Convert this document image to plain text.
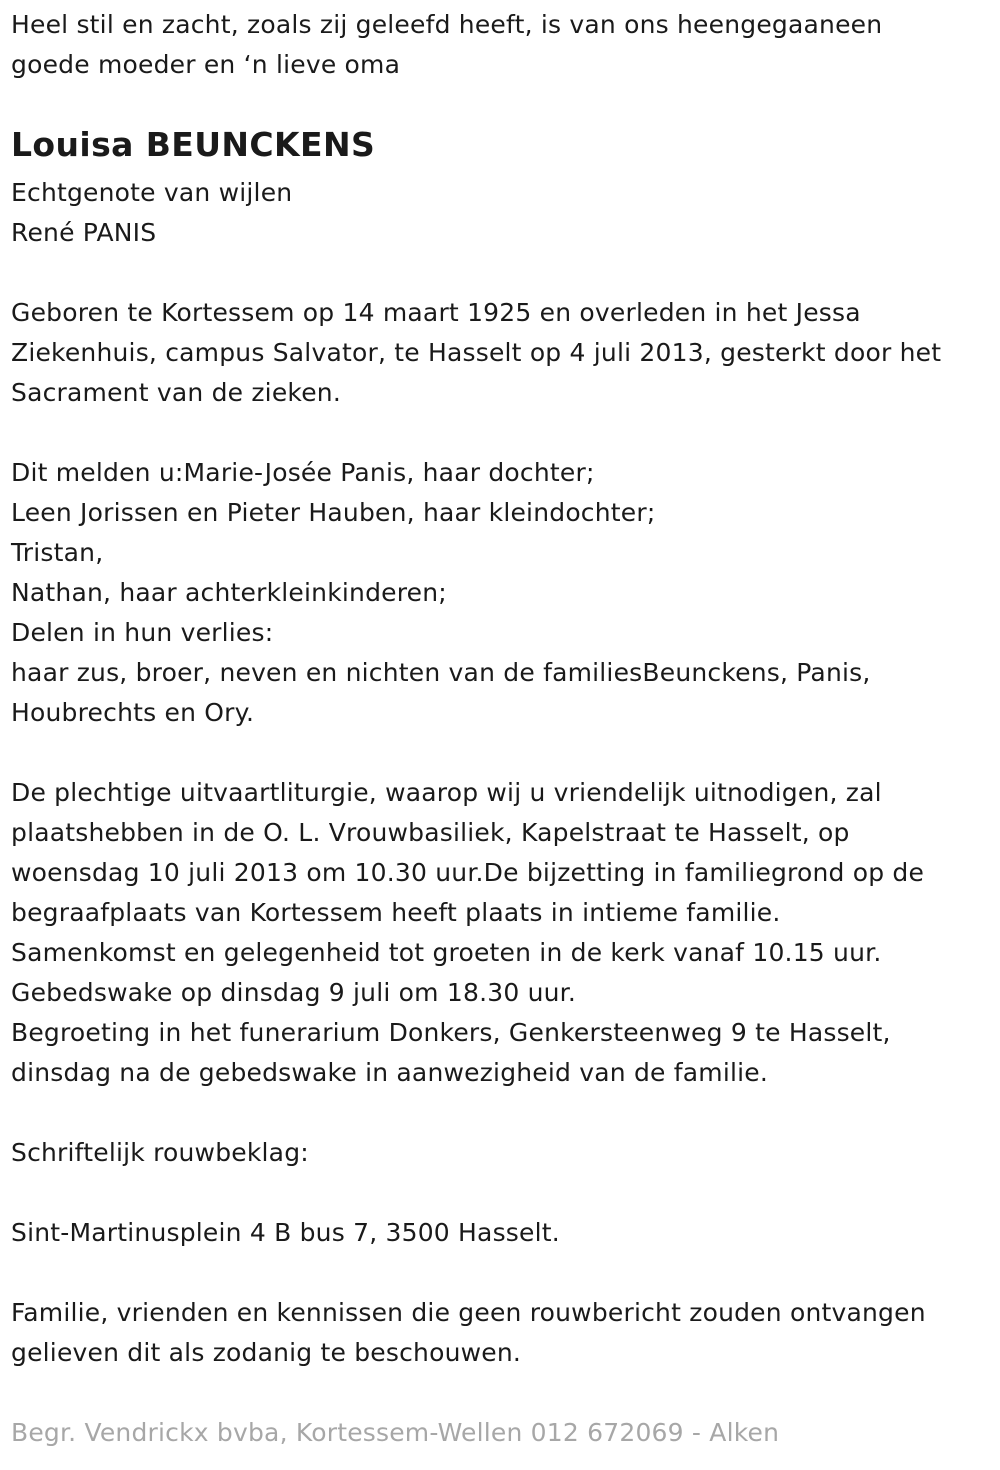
Heel stil en zacht, zoals zij geleefd heeft, is van ons heengegaaneen
goede moeder en ‘n lieve oma
Louisa BEUNCKENS
Echtgenote van wijlen
René PANIS
Geboren te Kortessem op 14 maart 1925 en overleden in het Jessa
Ziekenhuis, campus Salvator, te Hasselt op 4 juli 2013, gesterkt door het
Sacrament van de zieken.
Dit melden u:Marie-Josée Panis, haar dochter;
Leen Jorissen en Pieter Hauben, haar kleindochter;
Tristan,
Nathan, haar achterkleinkinderen;
Delen in hun verlies:
haar zus, broer, neven en nichten van de familiesBeunckens, Panis,
Houbrechts en Ory.
De plechtige uitvaartliturgie, waarop wij u vriendelijk uitnodigen, zal
plaatshebben in de O. L. Vrouwbasiliek, Kapelstraat te Hasselt, op
woensdag 10 juli 2013 om 10.30 uur.De bijzetting in familiegrond op de
begraafplaats van Kortessem heeft plaats in intieme familie.
Samenkomst en gelegenheid tot groeten in de kerk vanaf 10.15 uur.
Gebedswake op dinsdag 9 juli om 18.30 uur.
Begroeting in het funerarium Donkers, Genkersteenweg 9 te Hasselt,
dinsdag na de gebedswake in aanwezigheid van de familie.
Schriftelijk rouwbeklag:
Sint-Martinusplein 4 B bus 7, 3500 Hasselt.
Familie, vrienden en kennissen die geen rouwbericht zouden ontvangen
gelieven dit als zodanig te beschouwen.
Begr. Vendrickx bvba, Kortessem-Wellen 012 672069 - Alken
